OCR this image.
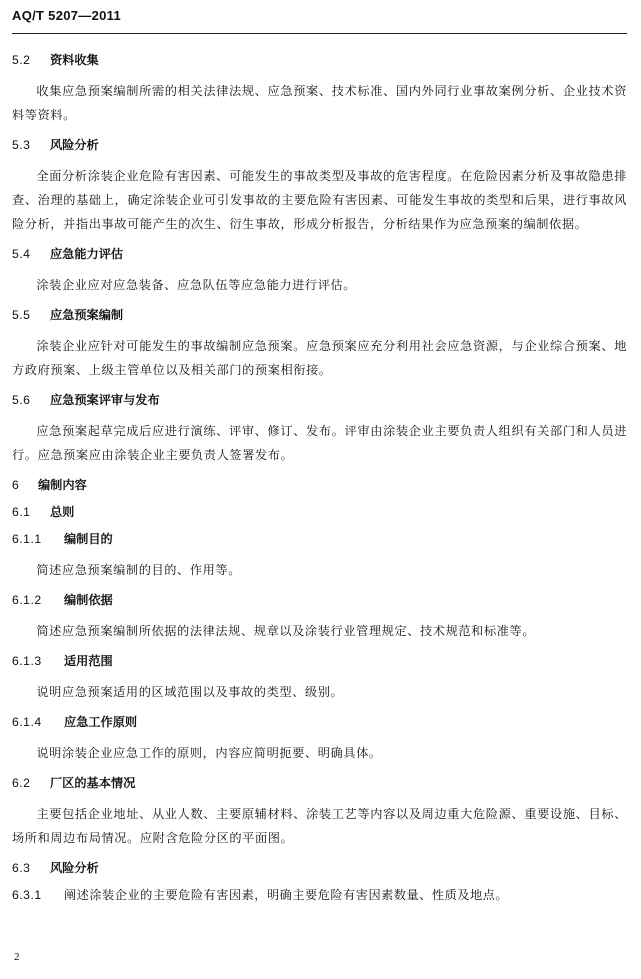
AQ/T 5207—2011
5.2 资料收集
收集应急预案编制所需的相关法律法规、应急预案、技术标准、国内外同行业事故案例分析、企业技术资料等资料。
5.3 风险分析
全面分析涂装企业危险有害因素、可能发生的事故类型及事故的危害程度。在危险因素分析及事故隐患排查、治理的基础上，确定涂装企业可引发事故的主要危险有害因素、可能发生事故的类型和后果，进行事故风险分析，并指出事故可能产生的次生、衍生事故，形成分析报告，分析结果作为应急预案的编制依据。
5.4 应急能力评估
涂装企业应对应急装备、应急队伍等应急能力进行评估。
5.5 应急预案编制
涂装企业应针对可能发生的事故编制应急预案。应急预案应充分利用社会应急资源，与企业综合预案、地方政府预案、上级主管单位以及相关部门的预案相衔接。
5.6 应急预案评审与发布
应急预案起草完成后应进行演练、评审、修订、发布。评审由涂装企业主要负责人组织有关部门和人员进行。应急预案应由涂装企业主要负责人签署发布。
6 编制内容
6.1 总则
6.1.1 编制目的
简述应急预案编制的目的、作用等。
6.1.2 编制依据
简述应急预案编制所依据的法律法规、规章以及涂装行业管理规定、技术规范和标准等。
6.1.3 适用范围
说明应急预案适用的区域范围以及事故的类型、级别。
6.1.4 应急工作原则
说明涂装企业应急工作的原则，内容应简明扼要、明确具体。
6.2 厂区的基本情况
主要包括企业地址、从业人数、主要原辅材料、涂装工艺等内容以及周边重大危险源、重要设施、目标、场所和周边布局情况。应附含危险分区的平面图。
6.3 风险分析
6.3.1 阐述涂装企业的主要危险有害因素，明确主要危险有害因素数量、性质及地点。
2
